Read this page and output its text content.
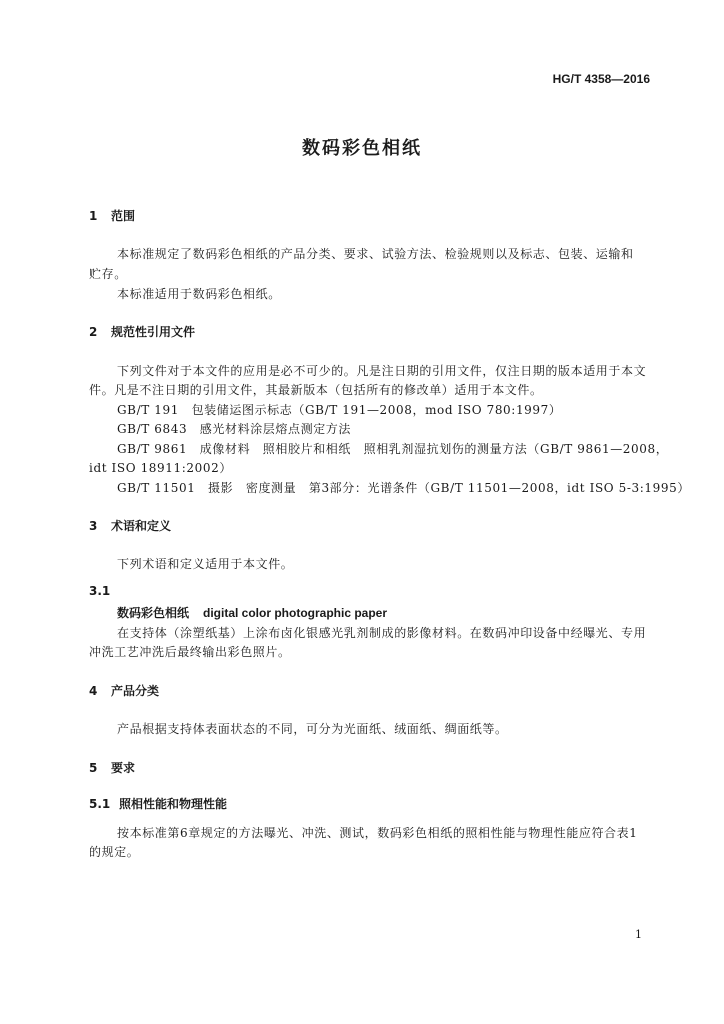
HG/T 4358—2016
数码彩色相纸
1 范围
本标准规定了数码彩色相纸的产品分类、要求、试验方法、检验规则以及标志、包装、运输和
贮存。
本标准适用于数码彩色相纸。
2 规范性引用文件
下列文件对于本文件的应用是必不可少的。凡是注日期的引用文件，仅注日期的版本适用于本文
件。凡是不注日期的引用文件，其最新版本（包括所有的修改单）适用于本文件。
GB/T 191　包装储运图示标志（GB/T 191—2008，mod ISO 780:1997）
GB/T 6843　感光材料涂层熔点测定方法
GB/T 9861　成像材料　照相胶片和相纸　照相乳剂湿抗划伤的测量方法（GB/T 9861—2008，
idt ISO 18911:2002）
GB/T 11501　摄影　密度测量　第3部分：光谱条件（GB/T 11501—2008，idt ISO 5-3:1995）
3 术语和定义
下列术语和定义适用于本文件。
3.1
数码彩色相纸 digital color photographic paper
在支持体（涂塑纸基）上涂布卤化银感光乳剂制成的影像材料。在数码冲印设备中经曝光、专用
冲洗工艺冲洗后最终输出彩色照片。
4 产品分类
产品根据支持体表面状态的不同，可分为光面纸、绒面纸、绸面纸等。
5 要求
5.1 照相性能和物理性能
按本标准第6章规定的方法曝光、冲洗、测试，数码彩色相纸的照相性能与物理性能应符合表1
的规定。
1
